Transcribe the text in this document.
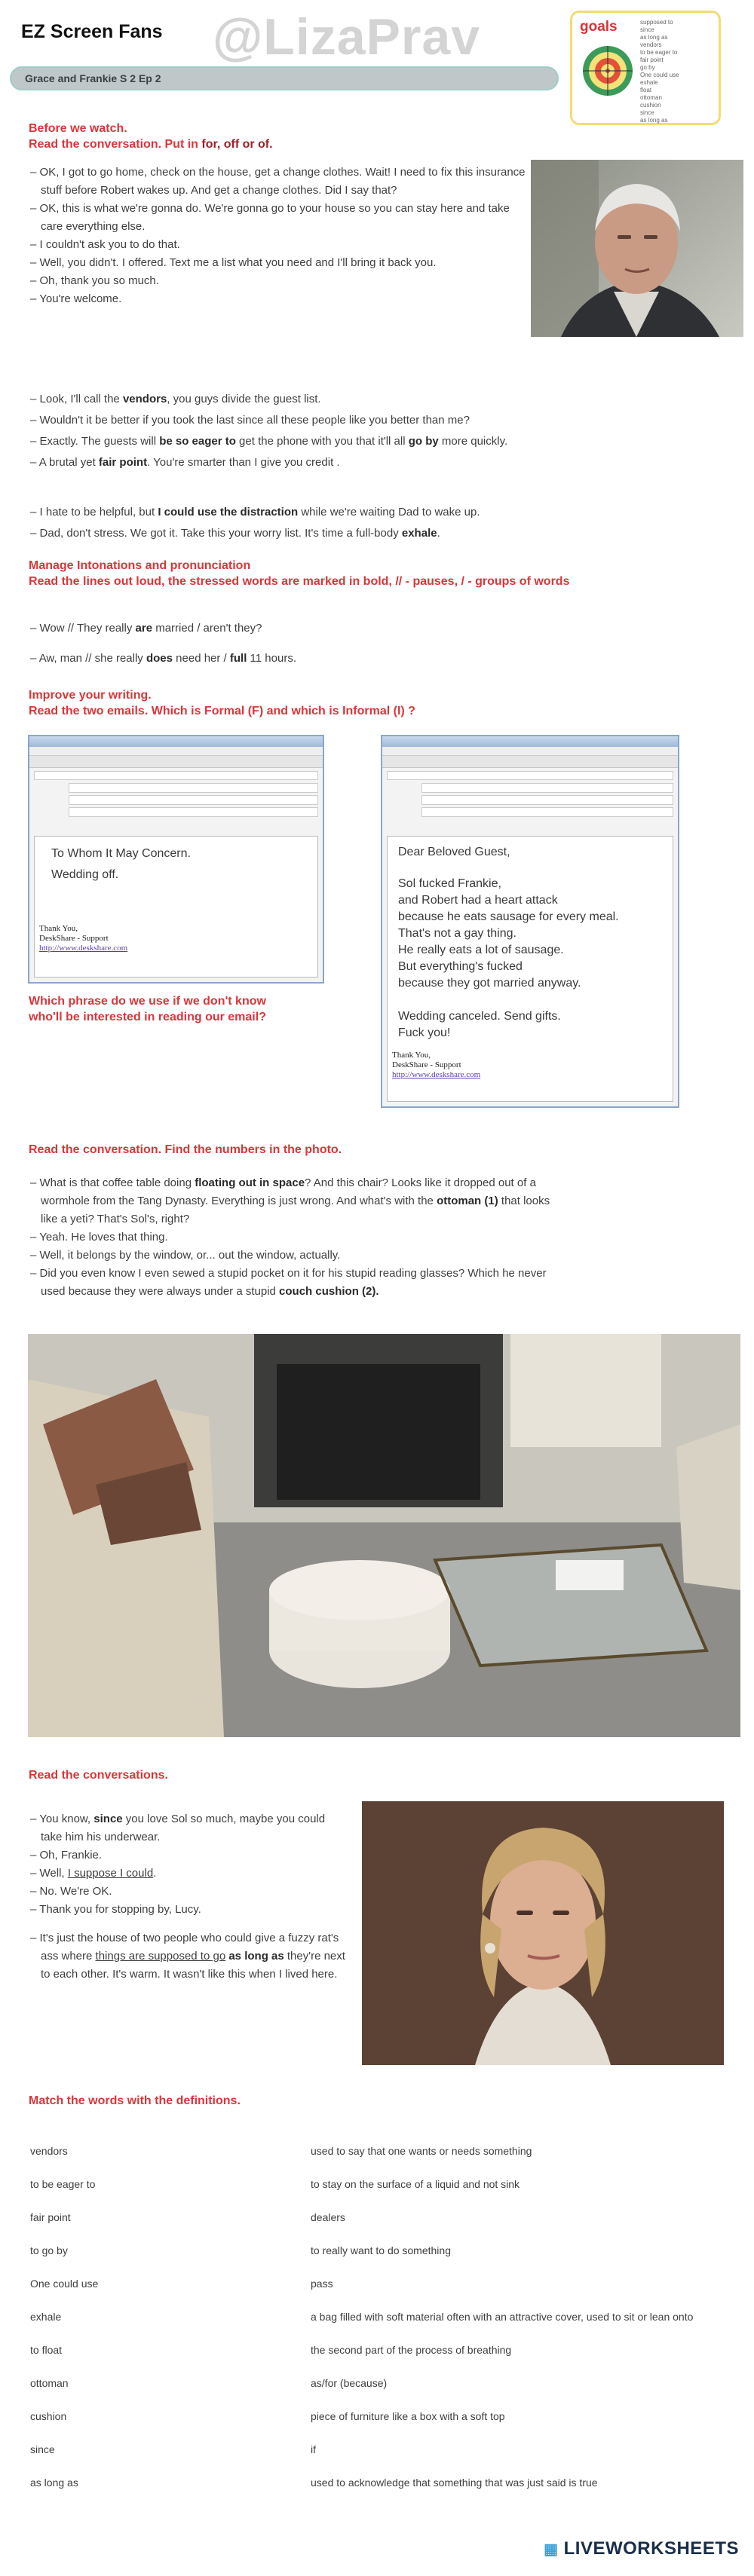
EZ Screen Fans @LizaPrav
Grace and Frankie S 2 Ep 2
goals	supposed to
since
as long as
vendors
to be eager to
fair point
go by
One could use
exhale
float
ottoman
cushion
since
as long as
Before we watch.
Read the conversation. Put in for, off or of.
– OK, I got to go home, check on the house, get a change clothes. Wait! I need to fix this insurance stuff before Robert wakes up. And get a change clothes. Did I say that?
– OK, this is what we're gonna do. We're gonna go to your house so you can stay here and take care everything else.
– I couldn't ask you to do that.
– Well, you didn't. I offered. Text me a list what you need and I'll bring it back you.
– Oh, thank you so much.
– You're welcome.
– Look, I'll call the vendors, you guys divide the guest list.
– Wouldn't it be better if you took the last since all these people like you better than me?
– Exactly. The guests will be so eager to get the phone with you that it'll all go by more quickly.
– A brutal yet fair point. You're smarter than I give you credit .
– I hate to be helpful, but I could use the distraction while we're waiting Dad to wake up.
– Dad, don't stress. We got it. Take this your worry list. It's time a full-body exhale.
Manage Intonations and pronunciation
Read the lines out loud, the stressed words are marked in bold, // - pauses, / - groups of words
– Wow // They really are married / aren't they?
– Aw, man // she really does need her / full 11 hours.
Improve your writing.
Read the two emails. Which is Formal (F) and which is Informal (I) ?
To Whom It May Concern.
Wedding off.
Thank You,
DeskShare - Support
http://www.deskshare.com
Dear Beloved Guest,
Sol fucked Frankie,
and Robert had a heart attack
because he eats sausage for every meal.
That's not a gay thing.
He really eats a lot of sausage.
But everything's fucked
because they got married anyway.
Wedding canceled. Send gifts.
Fuck you!
Thank You,
DeskShare - Support
http://www.deskshare.com
Which phrase do we use if we don't know
who'll be interested in reading our email?
Read the conversation. Find the numbers in the photo.
– What is that coffee table doing floating out in space? And this chair? Looks like it dropped out of a wormhole from the Tang Dynasty. Everything is just wrong. And what's with the ottoman (1) that looks like a yeti? That's Sol's, right?
– Yeah. He loves that thing.
– Well, it belongs by the window, or... out the window, actually.
– Did you even know I even sewed a stupid pocket on it for his stupid reading glasses? Which he never used because they were always under a stupid couch cushion (2).
Read the conversations.
– You know, since you love Sol so much, maybe you could take him his underwear.
– Oh, Frankie.
– Well, I suppose I could.
– No. We're OK.
– Thank you for stopping by, Lucy.
– It's just the house of two people who could give a fuzzy rat's ass where things are supposed to go as long as they're next to each other. It's warm. It wasn't like this when I lived here.
Match the words with the definitions.
vendors	used to say that one wants or needs something
to be eager to	to stay on the surface of a liquid and not sink
fair point	dealers
to go by	to really want to do something
One could use	pass
exhale	a bag filled with soft material often with an attractive cover, used to sit or lean onto
to float	the second part of the process of breathing
ottoman	as/for (because)
cushion	piece of furniture like a box with a soft top
since	if
as long as	used to acknowledge that something that was just said is true
▦ LIVEWORKSHEETS
